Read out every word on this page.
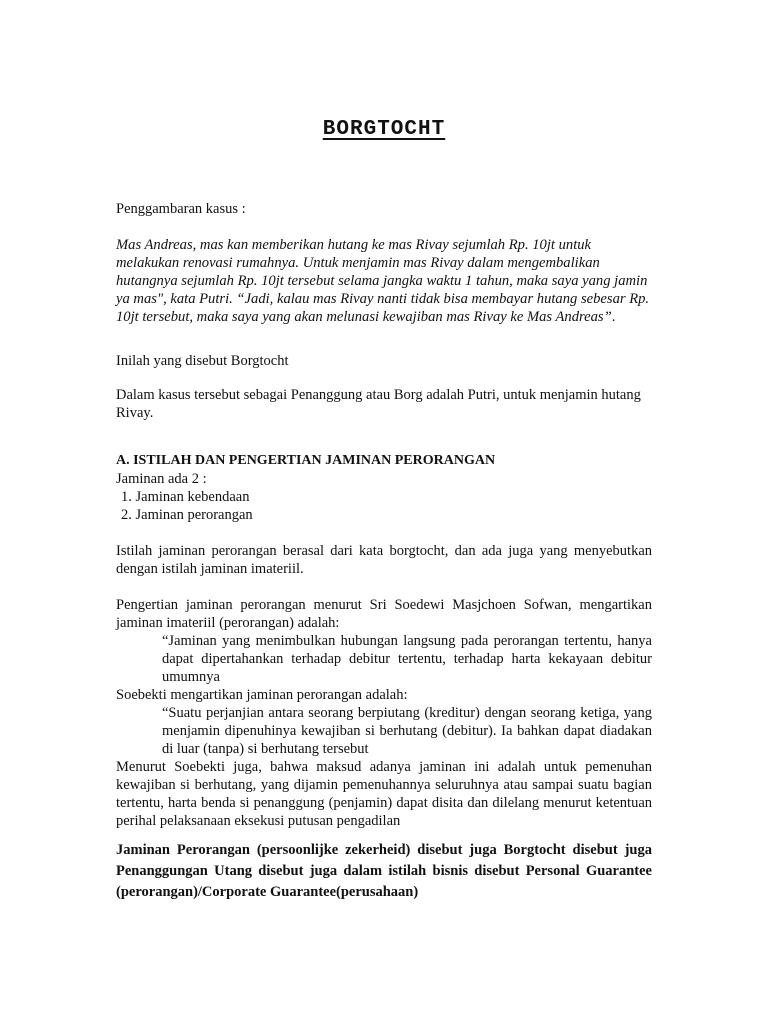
BORGTOCHT
Penggambaran kasus :
Mas Andreas, mas kan memberikan hutang ke mas Rivay sejumlah Rp. 10jt untuk melakukan renovasi rumahnya. Untuk menjamin mas Rivay dalam mengembalikan hutangnya sejumlah Rp. 10jt tersebut selama jangka waktu 1 tahun, maka saya yang jamin ya mas", kata Putri. “Jadi, kalau mas Rivay nanti tidak bisa membayar hutang sebesar Rp. 10jt tersebut, maka saya yang akan melunasi kewajiban mas Rivay ke Mas Andreas”.
Inilah yang disebut Borgtocht
Dalam kasus tersebut sebagai Penanggung atau Borg adalah Putri, untuk menjamin hutang Rivay.
A. ISTILAH DAN PENGERTIAN JAMINAN PERORANGAN
Jaminan ada 2 :
1. Jaminan kebendaan
2. Jaminan perorangan
Istilah jaminan perorangan berasal dari kata borgtocht, dan ada juga yang menyebutkan dengan istilah jaminan imateriil.
Pengertian jaminan perorangan menurut Sri Soedewi Masjchoen Sofwan, mengartikan jaminan imateriil (perorangan) adalah:
“Jaminan yang menimbulkan hubungan langsung pada perorangan tertentu, hanya dapat dipertahankan terhadap debitur tertentu, terhadap harta kekayaan debitur umumnya
Soebekti mengartikan jaminan perorangan adalah:
“Suatu perjanjian antara seorang berpiutang (kreditur) dengan seorang ketiga, yang menjamin dipenuhinya kewajiban si berhutang (debitur). Ia bahkan dapat diadakan di luar (tanpa) si berhutang tersebut
Menurut Soebekti juga, bahwa maksud adanya jaminan ini adalah untuk pemenuhan kewajiban si berhutang, yang dijamin pemenuhannya seluruhnya atau sampai suatu bagian tertentu, harta benda si penanggung (penjamin) dapat disita dan dilelang menurut ketentuan perihal pelaksanaan eksekusi putusan pengadilan
Jaminan Perorangan (persoonlijke zekerheid) disebut juga Borgtocht disebut juga Penanggungan Utang disebut juga dalam istilah bisnis disebut Personal Guarantee (perorangan)/Corporate Guarantee(perusahaan)
